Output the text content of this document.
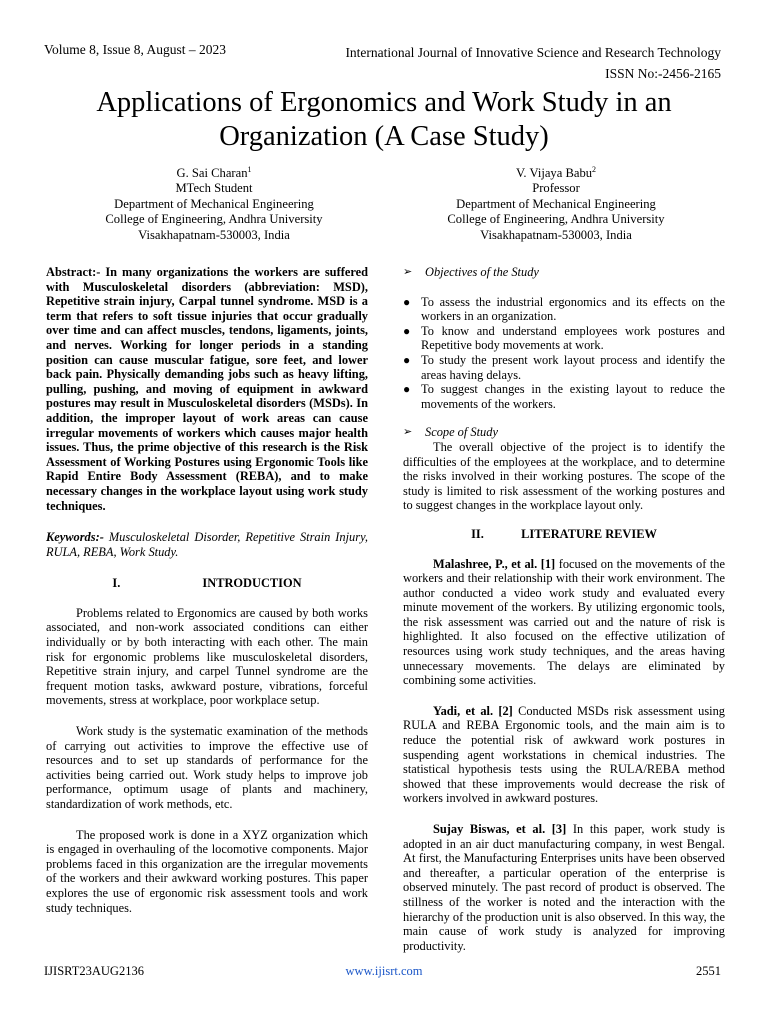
Volume 8, Issue 8, August – 2023	International Journal of Innovative Science and Research Technology
ISSN No:-2456-2165
Applications of Ergonomics and Work Study in an
Organization (A Case Study)
G. Sai Charan$^1$
MTech Student
Department of Mechanical Engineering
College of Engineering, Andhra University
Visakhapatnam-530003, India
V. Vijaya Babu$^2$
Professor
Department of Mechanical Engineering
College of Engineering, Andhra University
Visakhapatnam-530003, India

Abstract:- In many organizations the workers are suffered with Musculoskeletal disorders (abbreviation: MSD), Repetitive strain injury, Carpal tunnel syndrome. MSD is a term that refers to soft tissue injuries that occur gradually over time and can affect muscles, tendons, ligaments, joints, and nerves. Working for longer periods in a standing position can cause muscular fatigue, sore feet, and lower back pain. Physically demanding jobs such as heavy lifting, pulling, pushing, and moving of equipment in awkward postures may result in Musculoskeletal disorders (MSDs). In addition, the improper layout of work areas can cause irregular movements of workers which causes major health issues. Thus, the prime objective of this research is the Risk Assessment of Working Postures using Ergonomic Tools like Rapid Entire Body Assessment (REBA), and to make necessary changes in the workplace layout using work study techniques.

Keywords:- Musculoskeletal Disorder, Repetitive Strain Injury, RULA, REBA, Work Study.

I.	INTRODUCTION

Problems related to Ergonomics are caused by both works associated, and non-work associated conditions can either individually or by both interacting with each other. The main risk for ergonomic problems like musculoskeletal disorders, Repetitive strain injury, and carpel Tunnel syndrome are the frequent motion tasks, awkward posture, vibrations, forceful movements, stress at workplace, poor workplace setup.

Work study is the systematic examination of the methods of carrying out activities to improve the effective use of resources and to set up standards of performance for the activities being carried out. Work study helps to improve job performance, optimum usage of plants and machinery, standardization of work methods, etc.

The proposed work is done in a XYZ organization which is engaged in overhauling of the locomotive components. Major problems faced in this organization are the irregular movements of the workers and their awkward working postures. This paper explores the use of ergonomic risk assessment tools and work study techniques.

➢	Objectives of the Study
● To assess the industrial ergonomics and its effects on the workers in an organization.
● To know and understand employees work postures and Repetitive body movements at work.
● To study the present work layout process and identify the areas having delays.
● To suggest changes in the existing layout to reduce the movements of the workers.
➢	Scope of Study

The overall objective of the project is to identify the difficulties of the employees at the workplace, and to determine the risks involved in their working postures. The scope of the study is limited to risk assessment of the working postures and to suggest changes in the workplace layout only.

II.	LITERATURE REVIEW

Malashree, P., et al. [1] focused on the movements of the workers and their relationship with their work environment. The author conducted a video work study and evaluated every minute movement of the workers. By utilizing ergonomic tools, the risk assessment was carried out and the nature of risk is highlighted. It also focused on the effective utilization of resources using work study techniques, and the areas having unnecessary movements. The delays are eliminated by combining some activities.

Yadi, et al. [2] Conducted MSDs risk assessment using RULA and REBA Ergonomic tools, and the main aim is to reduce the potential risk of awkward work postures in suspending agent workstations in chemical industries. The statistical hypothesis tests using the RULA/REBA method showed that these improvements would decrease the risk of workers involved in awkward postures.

Sujay Biswas, et al. [3] In this paper, work study is adopted in an air duct manufacturing company, in west Bengal. At first, the Manufacturing Enterprises units have been observed and thereafter, a particular operation of the enterprise is observed minutely. The past record of product is observed. The stillness of the worker is noted and the interaction with the hierarchy of the production unit is also observed. In this way, the main cause of work study is analyzed for improving productivity.

IJISRT23AUG2136	www.ijisrt.com	2551
